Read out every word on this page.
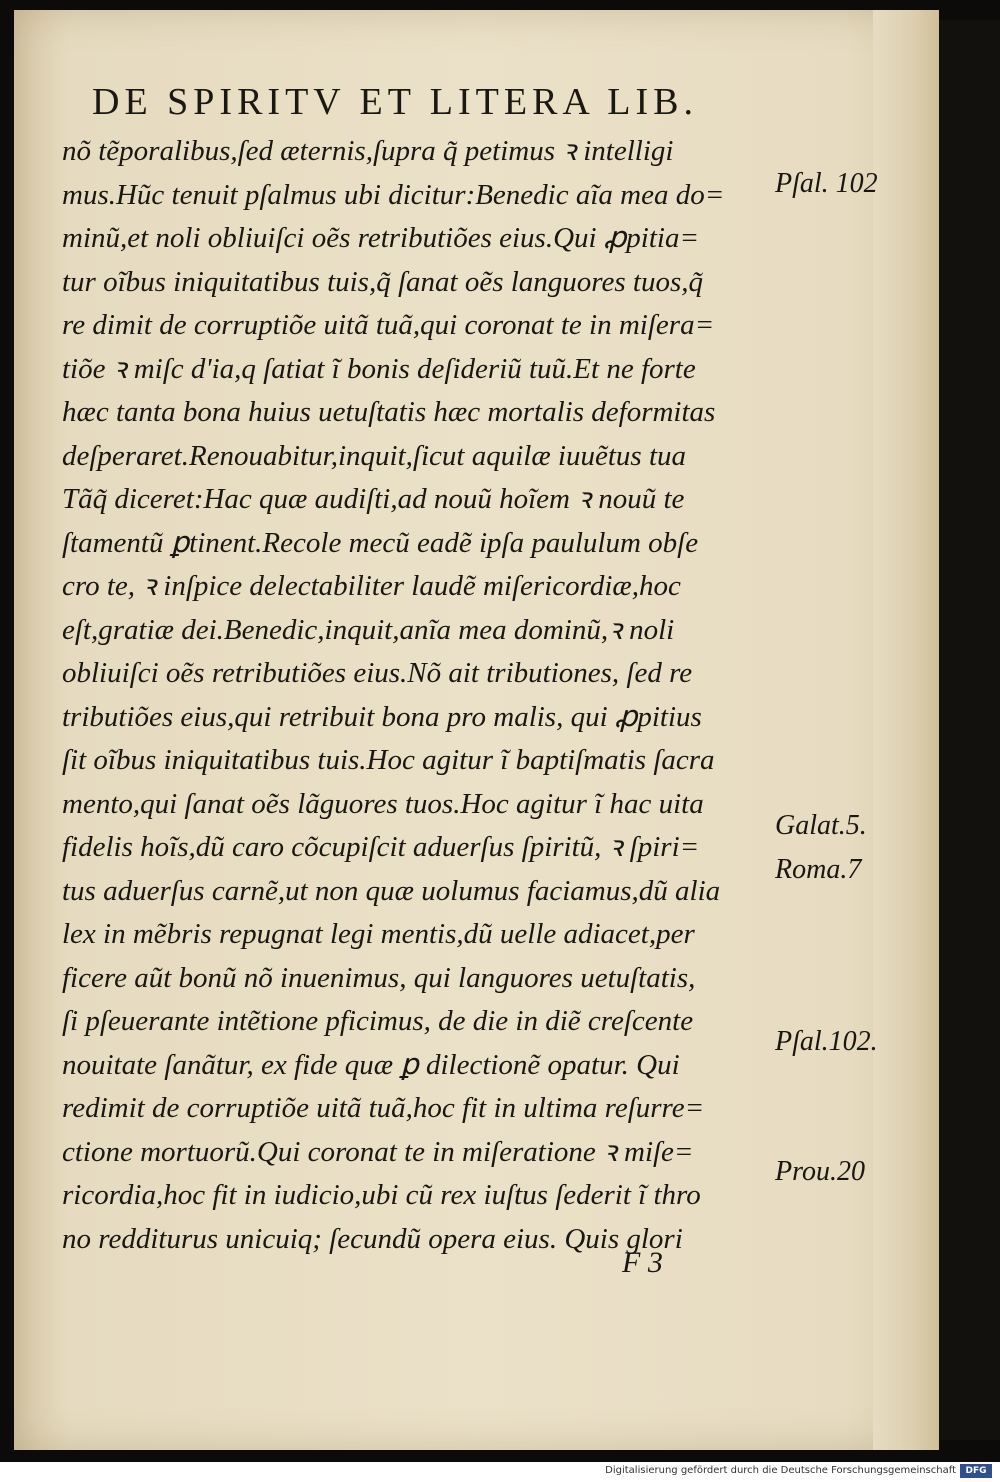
DE SPIRITV ET LITERA LIB.
nõ tẽporalibus,ſed æternis,ſupra q̃ petimus ꝛ intelligi
mus.Hũc tenuit pſalmus ubi dicitur:Benedic aĩa mea do=
minũ,et noli obliuiſci oẽs retributiões eius.Qui ꝓpitia=
tur oĩbus iniquitatibus tuis,q̃ ſanat oẽs languores tuos,q̃
re dimit de corruptiõe uitã tuã,qui coronat te in miſera=
tiõe ꝛ miſc d'ia,q ſatiat ĩ bonis deſideriũ tuũ.Et ne forte
hæc tanta bona huius uetuſtatis hæc mortalis deformitas
deſperaret.Renouabitur,inquit,ſicut aquilæ iuuẽtus tua
Tãq̃ diceret:Hac quæ audiſti,ad nouũ hoĩem ꝛ nouũ te
ſtamentũ ꝑtinent.Recole mecũ eadẽ ipſa paululum obſe
cro te, ꝛ inſpice delectabiliter laudẽ miſericordiæ,hoc
eſt,gratiæ dei.Benedic,inquit,anĩa mea dominũ,ꝛ noli
obliuiſci oẽs retributiões eius.Nõ ait tributiones, ſed re
tributiões eius,qui retribuit bona pro malis, qui ꝓpitius
ſit oĩbus iniquitatibus tuis.Hoc agitur ĩ baptiſmatis ſacra
mento,qui ſanat oẽs lãguores tuos.Hoc agitur ĩ hac uita
fidelis hoĩs,dũ caro cõcupiſcit aduerſus ſpiritũ, ꝛ ſpiri=
tus aduerſus carnẽ,ut non quæ uolumus faciamus,dũ alia
lex in mẽbris repugnat legi mentis,dũ uelle adiacet,per
ficere aũt bonũ nõ inuenimus, qui languores uetuſtatis,
ſi pſeuerante intẽtione pficimus, de die in diẽ creſcente
nouitate ſanãtur, ex fide quæ ꝑ dilectionẽ opatur. Qui
redimit de corruptiõe uitã tuã,hoc fit in ultima reſurre=
ctione mortuorũ.Qui coronat te in miſeratione ꝛ miſe=
ricordia,hoc fit in iudicio,ubi cũ rex iuſtus ſederit ĩ thro
no redditurus unicuiq; ſecundũ opera eius. Quis glori
Pſal. 102
Galat.5.
Roma.7
Pſal.102.
Prou.20
F 3
Digitalisierung gefördert durch die Deutsche Forschungsgemeinschaft	DFG
